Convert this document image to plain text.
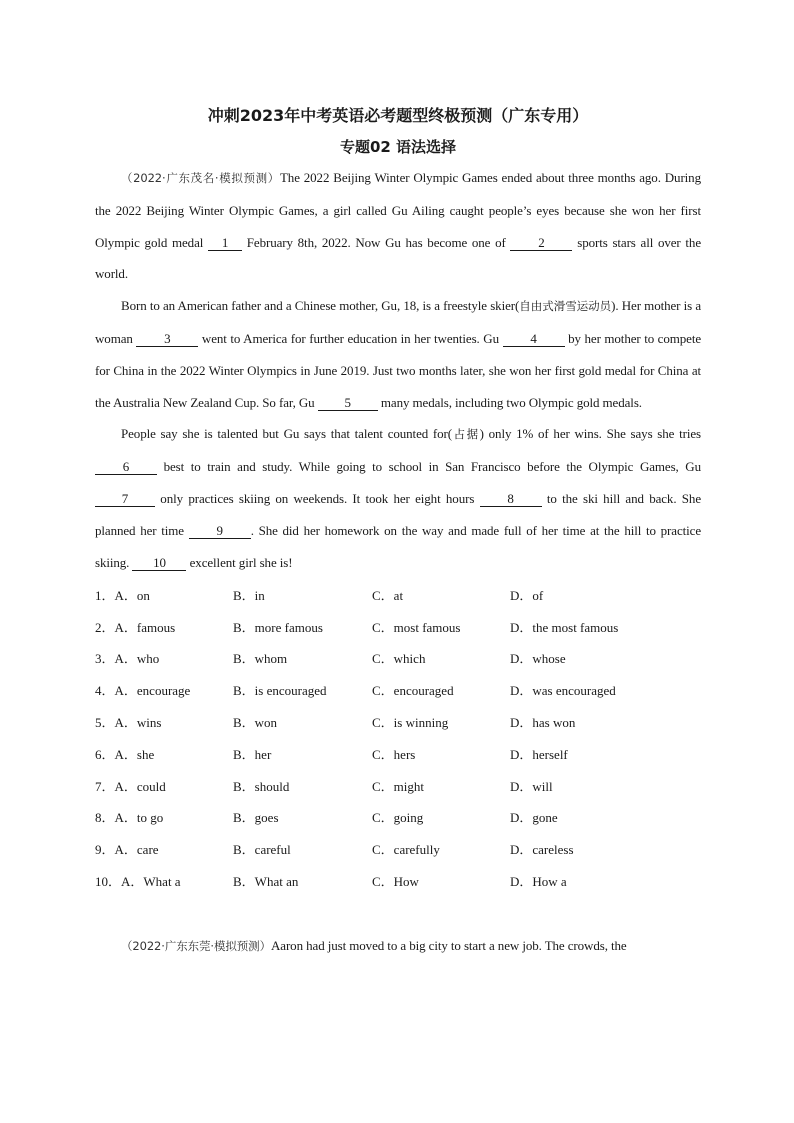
冲刺2023年中考英语必考题型终极预测（广东专用）
专题02 语法选择

（2022·广东茂名·模拟预测）The 2022 Beijing Winter Olympic Games ended about three months ago. During the 2022 Beijing Winter Olympic Games, a girl called Gu Ailing caught people’s eyes because she won her first Olympic gold medal 1 February 8th, 2022. Now Gu has become one of 2 sports stars all over the world.

Born to an American father and a Chinese mother, Gu, 18, is a freestyle skier(自由式滑雪运动员). Her mother is a woman 3 went to America for further education in her twenties. Gu 4 by her mother to compete for China in the 2022 Winter Olympics in June 2019. Just two months later, she won her first gold medal for China at the Australia New Zealand Cup. So far, Gu 5 many medals, including two Olympic gold medals.

People say she is talented but Gu says that talent counted for(占据) only 1% of her wins. She says she tries 6 best to train and study. While going to school in San Francisco before the Olympic Games, Gu 7 only practices skiing on weekends. It took her eight hours 8 to the ski hill and back. She planned her time 9 . She did her homework on the way and made full of her time at the hill to practice skiing. 10 excellent girl she is!

1．A．on	B．in	C．at	D．of
2．A．famous	B．more famous	C．most famous	D．the most famous
3．A．who	B．whom	C．which	D．whose
4．A．encourage	B．is encouraged	C．encouraged	D．was encouraged
5．A．wins	B．won	C．is winning	D．has won
6．A．she	B．her	C．hers	D．herself
7．A．could	B．should	C．might	D．will
8．A．to go	B．goes	C．going	D．gone
9．A．care	B．careful	C．carefully	D．careless
10．A．What a	B．What an	C．How	D．How a

（2022·广东东莞·模拟预测）Aaron had just moved to a big city to start a new job. The crowds, the
